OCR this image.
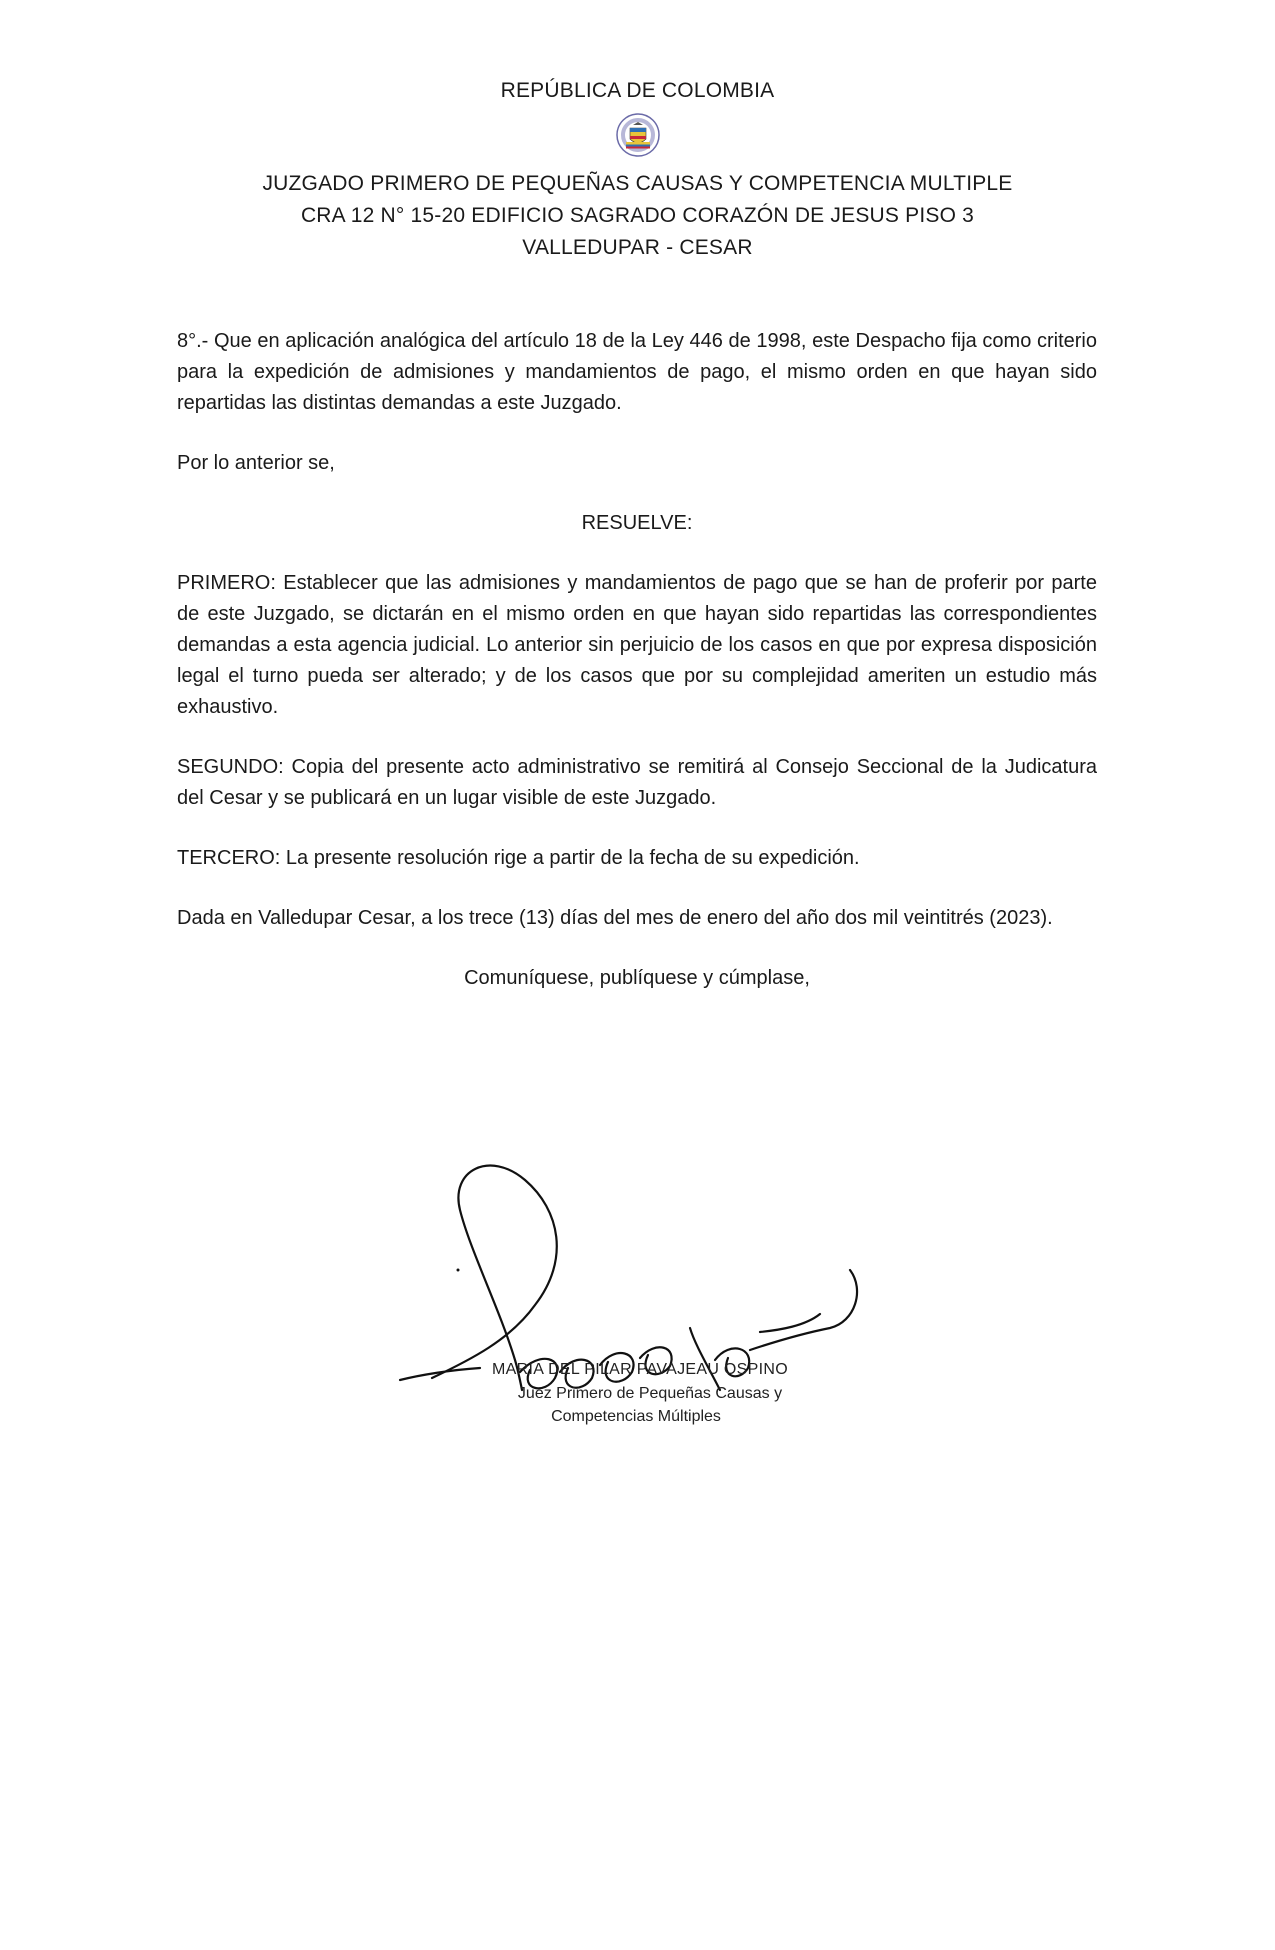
REPÚBLICA DE COLOMBIA
JUZGADO PRIMERO DE PEQUEÑAS CAUSAS Y COMPETENCIA MULTIPLE
CRA 12 N° 15-20 EDIFICIO SAGRADO CORAZÓN DE JESUS PISO 3
VALLEDUPAR - CESAR

8°.- Que en aplicación analógica del artículo 18 de la Ley 446 de 1998, este Despacho fija como criterio para la expedición de admisiones y mandamientos de pago, el mismo orden en que hayan sido repartidas las distintas demandas a este Juzgado.

Por lo anterior se,

RESUELVE:

PRIMERO: Establecer que las admisiones y mandamientos de pago que se han de proferir por parte de este Juzgado, se dictarán en el mismo orden en que hayan sido repartidas las correspondientes demandas a esta agencia judicial. Lo anterior sin perjuicio de los casos en que por expresa disposición legal el turno pueda ser alterado; y de los casos que por su complejidad ameriten un estudio más exhaustivo.

SEGUNDO: Copia del presente acto administrativo se remitirá al Consejo Seccional de la Judicatura del Cesar y se publicará en un lugar visible de este Juzgado.

TERCERO: La presente resolución rige a partir de la fecha de su expedición.

Dada en Valledupar Cesar, a los trece (13) días del mes de enero del año dos mil veintitrés (2023).

Comuníquese, publíquese y cúmplase,

MARIA DEL PILAR PAVAJEAU OSPINO
Juez Primero de Pequeñas Causas y
Competencias Múltiples
